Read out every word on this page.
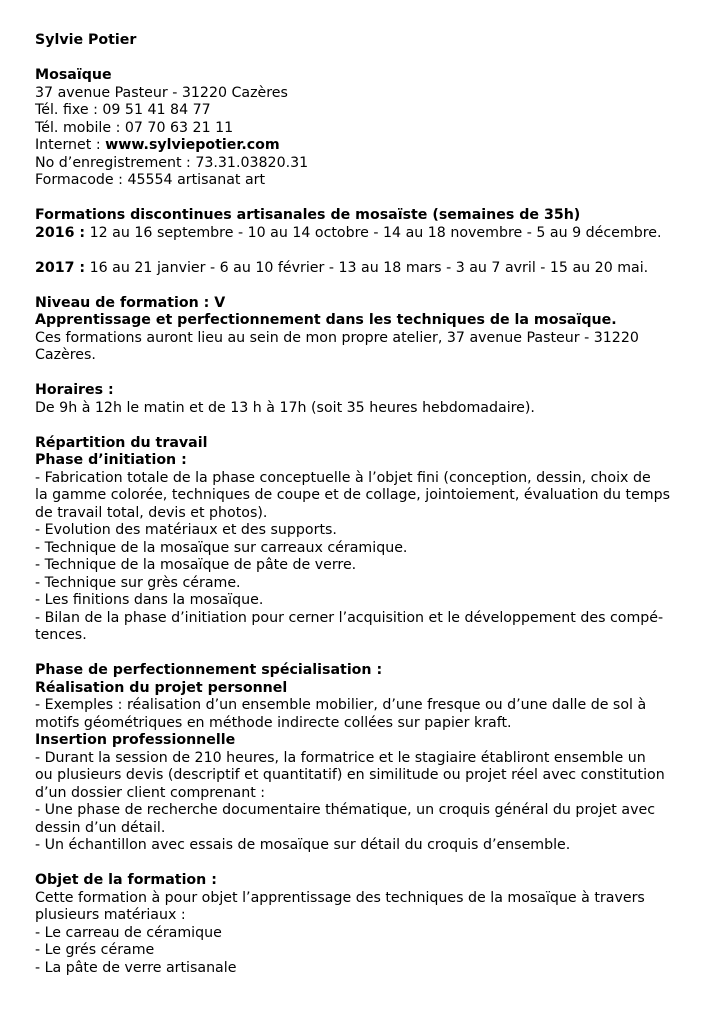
Sylvie Potier
Mosaïque
37 avenue Pasteur - 31220 Cazères
Tél. fixe : 09 51 41 84 77
Tél. mobile : 07 70 63 21 11
Internet : www.sylviepotier.com
No d’enregistrement : 73.31.03820.31
Formacode : 45554 artisanat art
Formations discontinues artisanales de mosaïste (semaines de 35h)
2016 : 12 au 16 septembre - 10 au 14 octobre - 14 au 18 novembre - 5 au 9 décembre.
2017 : 16 au 21 janvier - 6 au 10 février - 13 au 18 mars - 3 au 7 avril - 15 au 20 mai.
Niveau de formation : V
Apprentissage et perfectionnement dans les techniques de la mosaïque.
Ces formations auront lieu au sein de mon propre atelier, 37 avenue Pasteur - 31220
Cazères.
Horaires :
De 9h à 12h le matin et de 13 h à 17h (soit 35 heures hebdomadaire).
Répartition du travail
Phase d’initiation :
- Fabrication totale de la phase conceptuelle à l’objet fini (conception, dessin, choix de
la gamme colorée, techniques de coupe et de collage, jointoiement, évaluation du temps
de travail total, devis et photos).
- Evolution des matériaux et des supports.
- Technique de la mosaïque sur carreaux céramique.
- Technique de la mosaïque de pâte de verre.
- Technique sur grès cérame.
- Les finitions dans la mosaïque.
- Bilan de la phase d’initiation pour cerner l’acquisition et le développement des compé-
tences.
Phase de perfectionnement spécialisation :
Réalisation du projet personnel
- Exemples : réalisation d’un ensemble mobilier, d’une fresque ou d’une dalle de sol à
motifs géométriques en méthode indirecte collées sur papier kraft.
Insertion professionnelle
- Durant la session de 210 heures, la formatrice et le stagiaire établiront ensemble un
ou plusieurs devis (descriptif et quantitatif) en similitude ou projet réel avec constitution
d’un dossier client comprenant :
- Une phase de recherche documentaire thématique, un croquis général du projet avec
dessin d’un détail.
- Un échantillon avec essais de mosaïque sur détail du croquis d’ensemble.
Objet de la formation :
Cette formation à pour objet l’apprentissage des techniques de la mosaïque à travers
plusieurs matériaux :
- Le carreau de céramique
- Le grés cérame
- La pâte de verre artisanale
